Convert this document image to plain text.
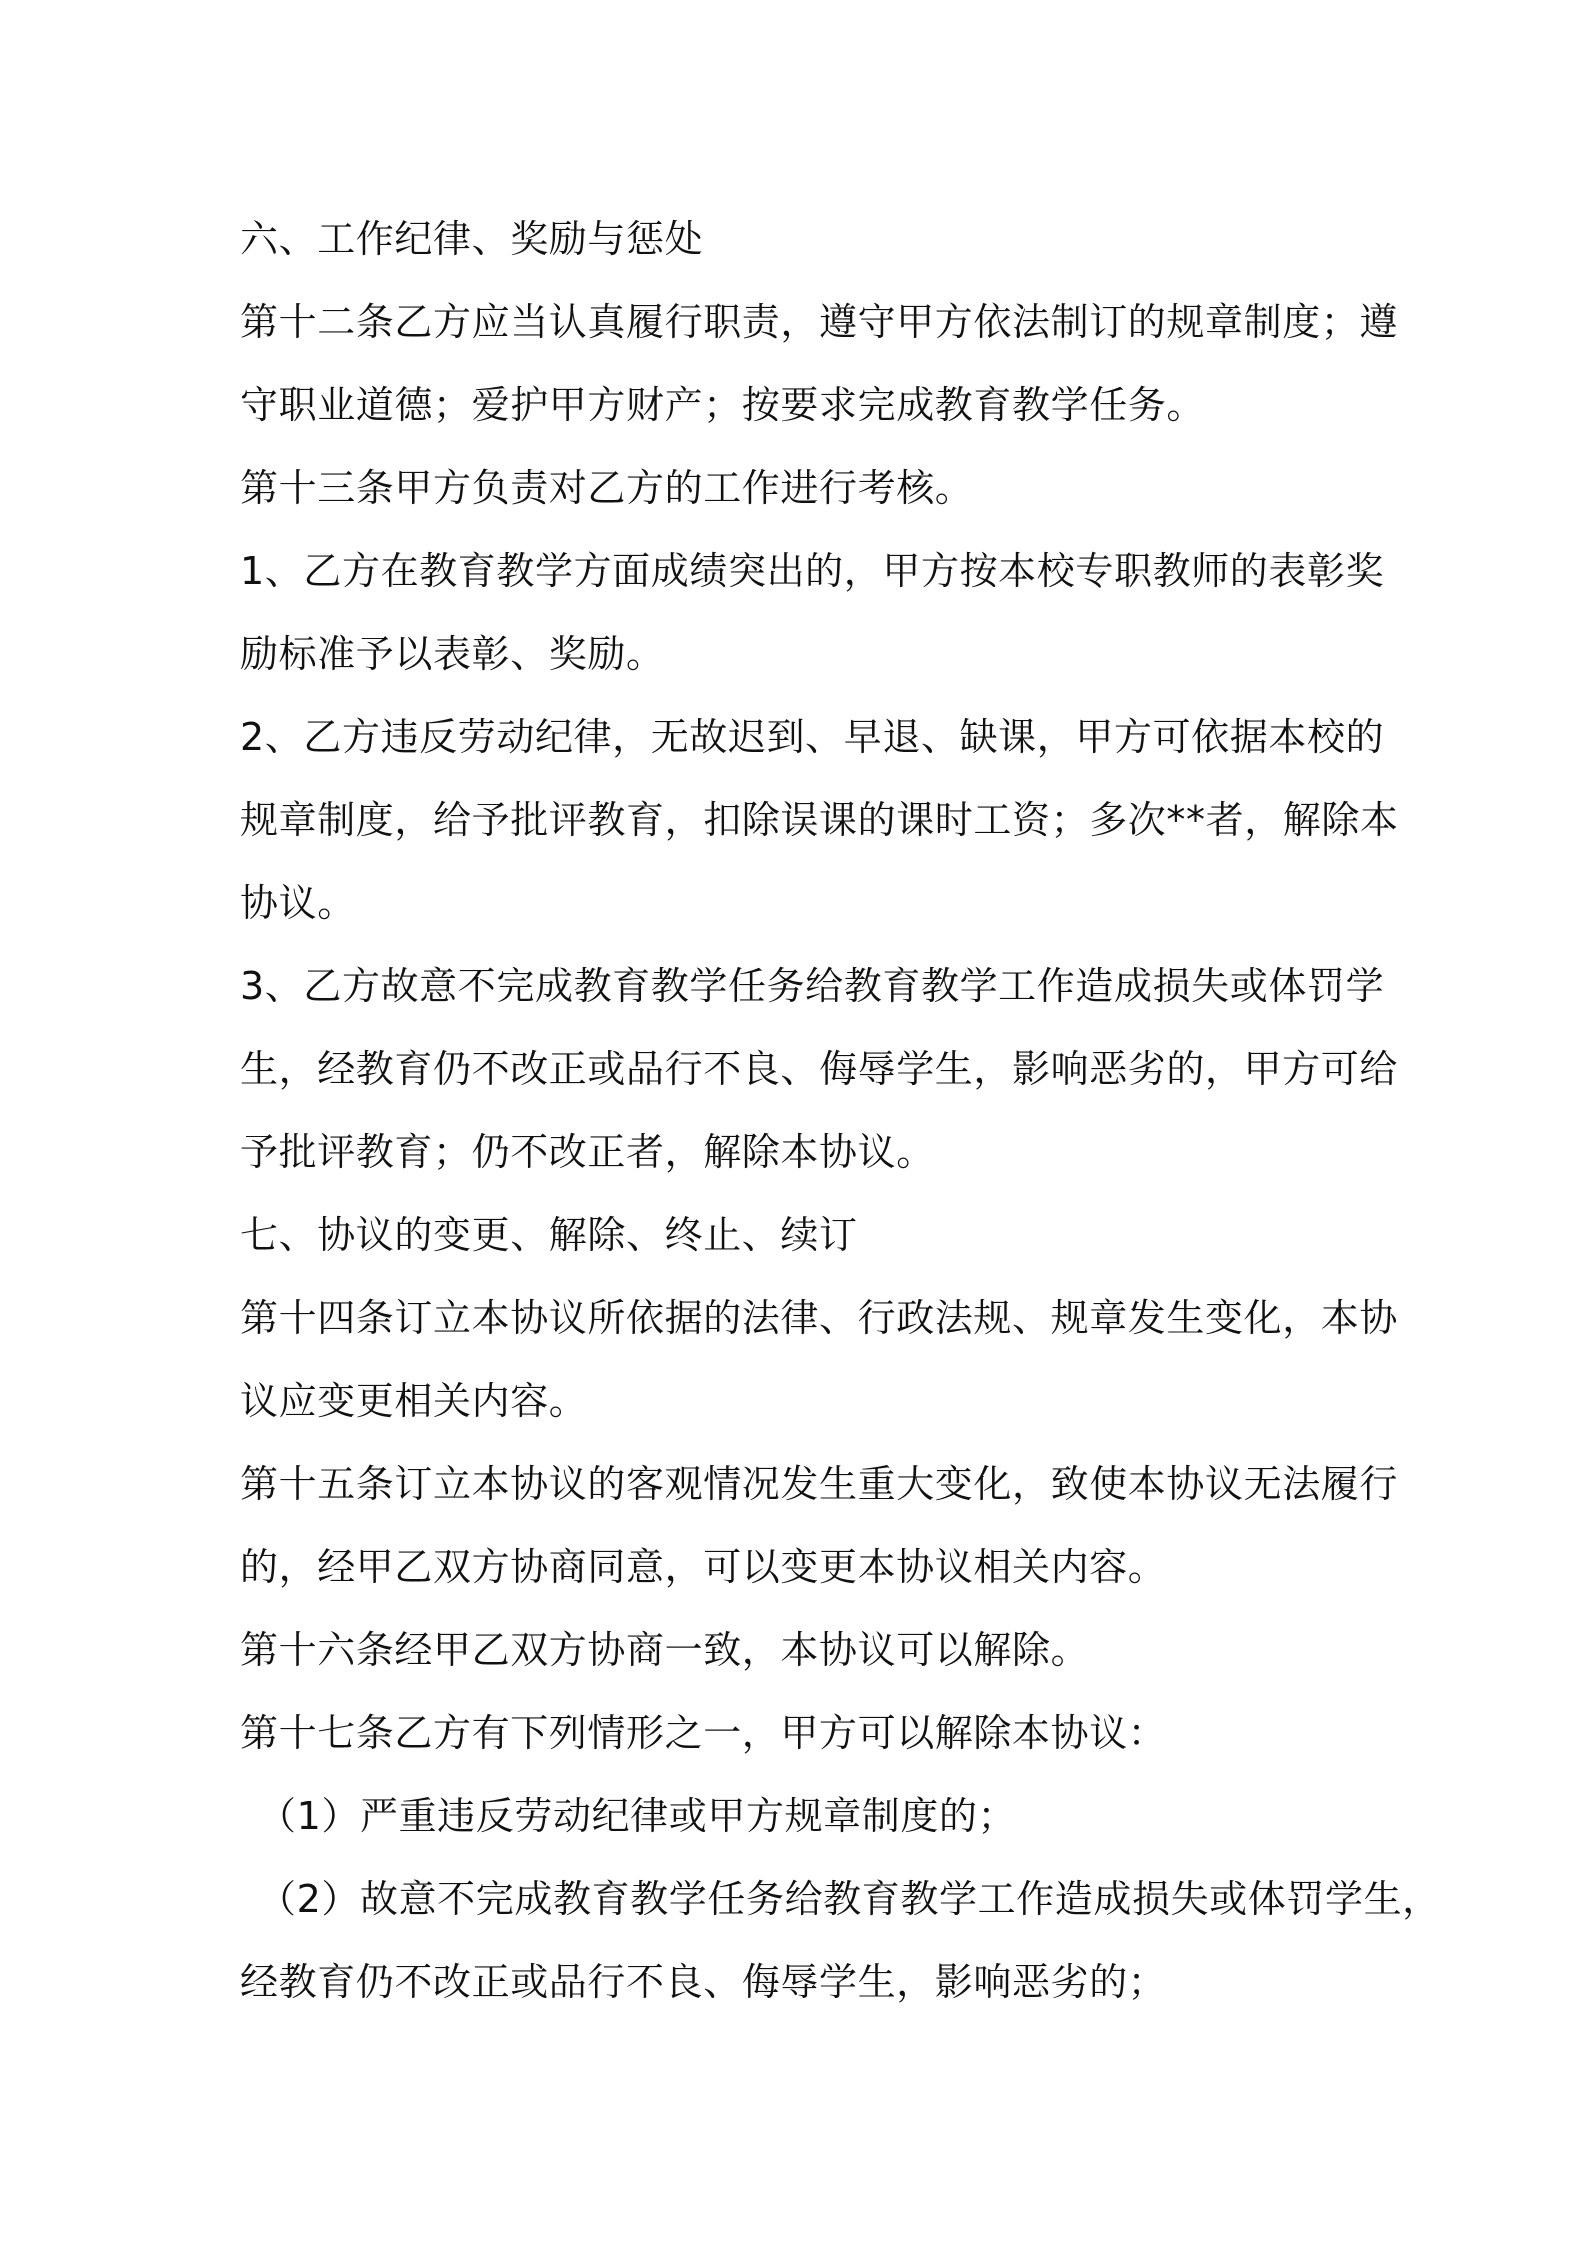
六、工作纪律、奖励与惩处
第十二条乙方应当认真履行职责，遵守甲方依法制订的规章制度；遵
守职业道德；爱护甲方财产；按要求完成教育教学任务。
第十三条甲方负责对乙方的工作进行考核。
1、乙方在教育教学方面成绩突出的，甲方按本校专职教师的表彰奖
励标准予以表彰、奖励。
2、乙方违反劳动纪律，无故迟到、早退、缺课，甲方可依据本校的
规章制度，给予批评教育，扣除误课的课时工资；多次**者，解除本
协议。
3、乙方故意不完成教育教学任务给教育教学工作造成损失或体罚学
生，经教育仍不改正或品行不良、侮辱学生，影响恶劣的，甲方可给
予批评教育；仍不改正者，解除本协议。
七、协议的变更、解除、终止、续订
第十四条订立本协议所依据的法律、行政法规、规章发生变化，本协
议应变更相关内容。
第十五条订立本协议的客观情况发生重大变化，致使本协议无法履行
的，经甲乙双方协商同意，可以变更本协议相关内容。
第十六条经甲乙双方协商一致，本协议可以解除。
第十七条乙方有下列情形之一，甲方可以解除本协议：
（1）严重违反劳动纪律或甲方规章制度的；
（2）故意不完成教育教学任务给教育教学工作造成损失或体罚学生，
经教育仍不改正或品行不良、侮辱学生，影响恶劣的；
